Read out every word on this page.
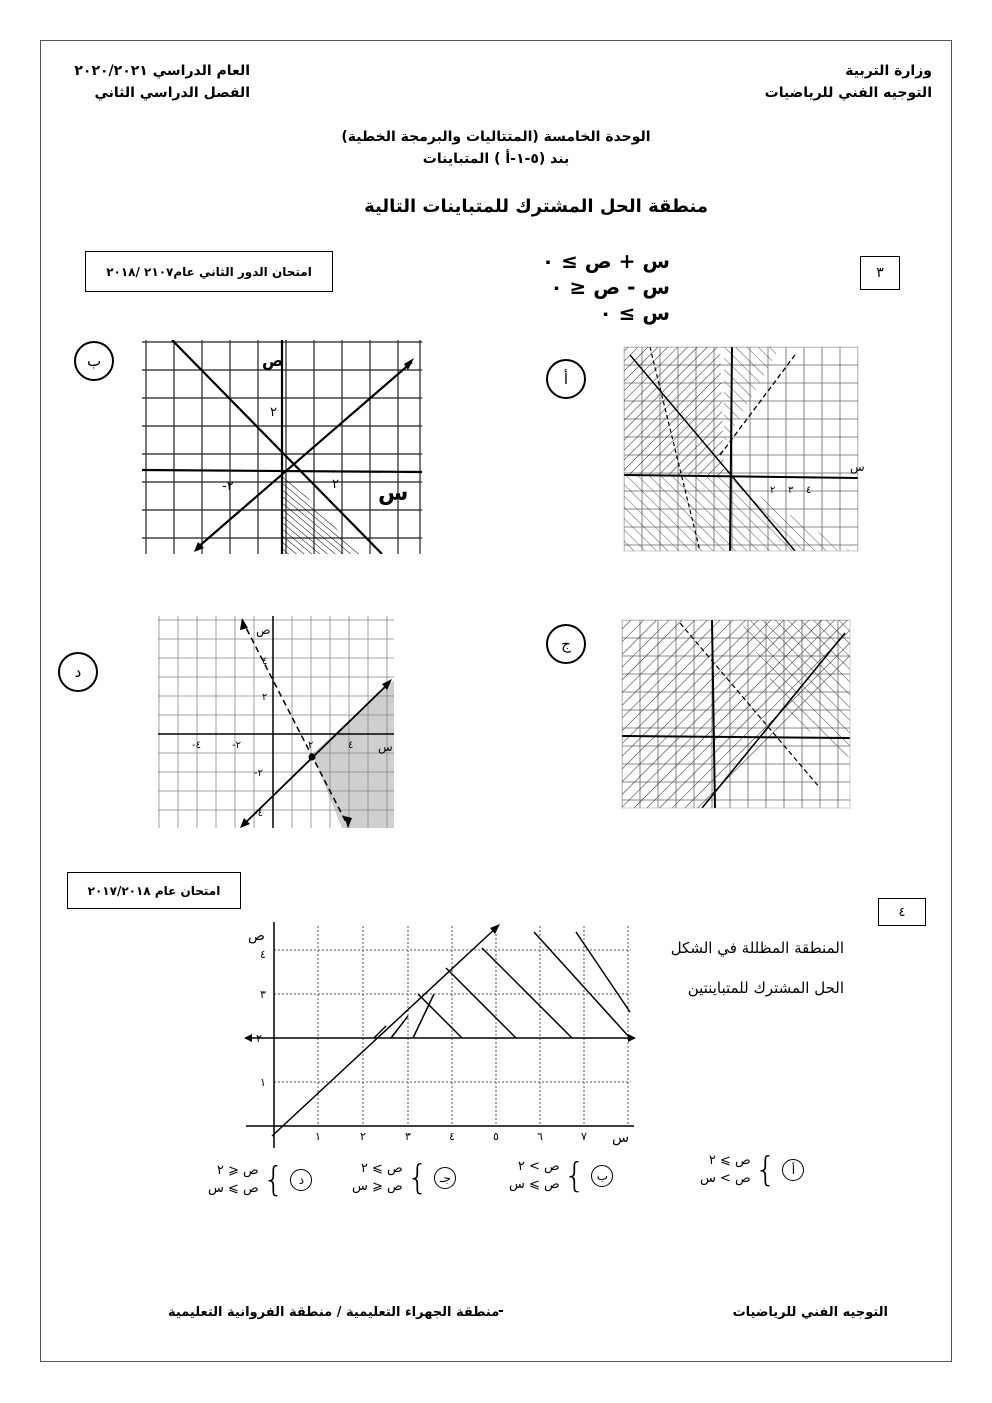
وزارة التربية
التوجيه الفني للرياضيات
العام الدراسي ٢٠٢٠/٢٠٢١
الفصل الدراسي الثاني
الوحدة الخامسة (المتتاليات والبرمجة الخطية)
بند (٥-١-أ ) المتباينات
منطقة الحل المشترك للمتباينات التالية
٣
امتحان الدور الثاني عام٢١٠٧ /٢٠١٨	س + ص ≥ ٠
س - ص ≤ ٠
س ≥ ٠
أ
ب
ج
د
س
٢ ٣ ٤
ص
س
٢
٢
-٢
س
ص
٤
٢
-٢
-٤
٢	٤
-٢
-٤
امتحان عام ٢٠١٧/٢٠١٨
٤
المنطقة المظللة في الشكل
الحل المشترك للمتباينتين
ص
س
١
٢
٣
٤
١	٢	٣	٤	٥	٦	٧
أ
}
ص ⩾ ٢
ص > س
ب
}
ص > ٢
ص ⩾ س
جـ
}
ص ⩾ ٢
ص ⩽ س
د
}
ص ⩽ ٢
ص ⩾ س
التوجيه الفني للرياضيات
-
منطقة الجهراء التعليمية / منطقة الفروانية التعليمية
